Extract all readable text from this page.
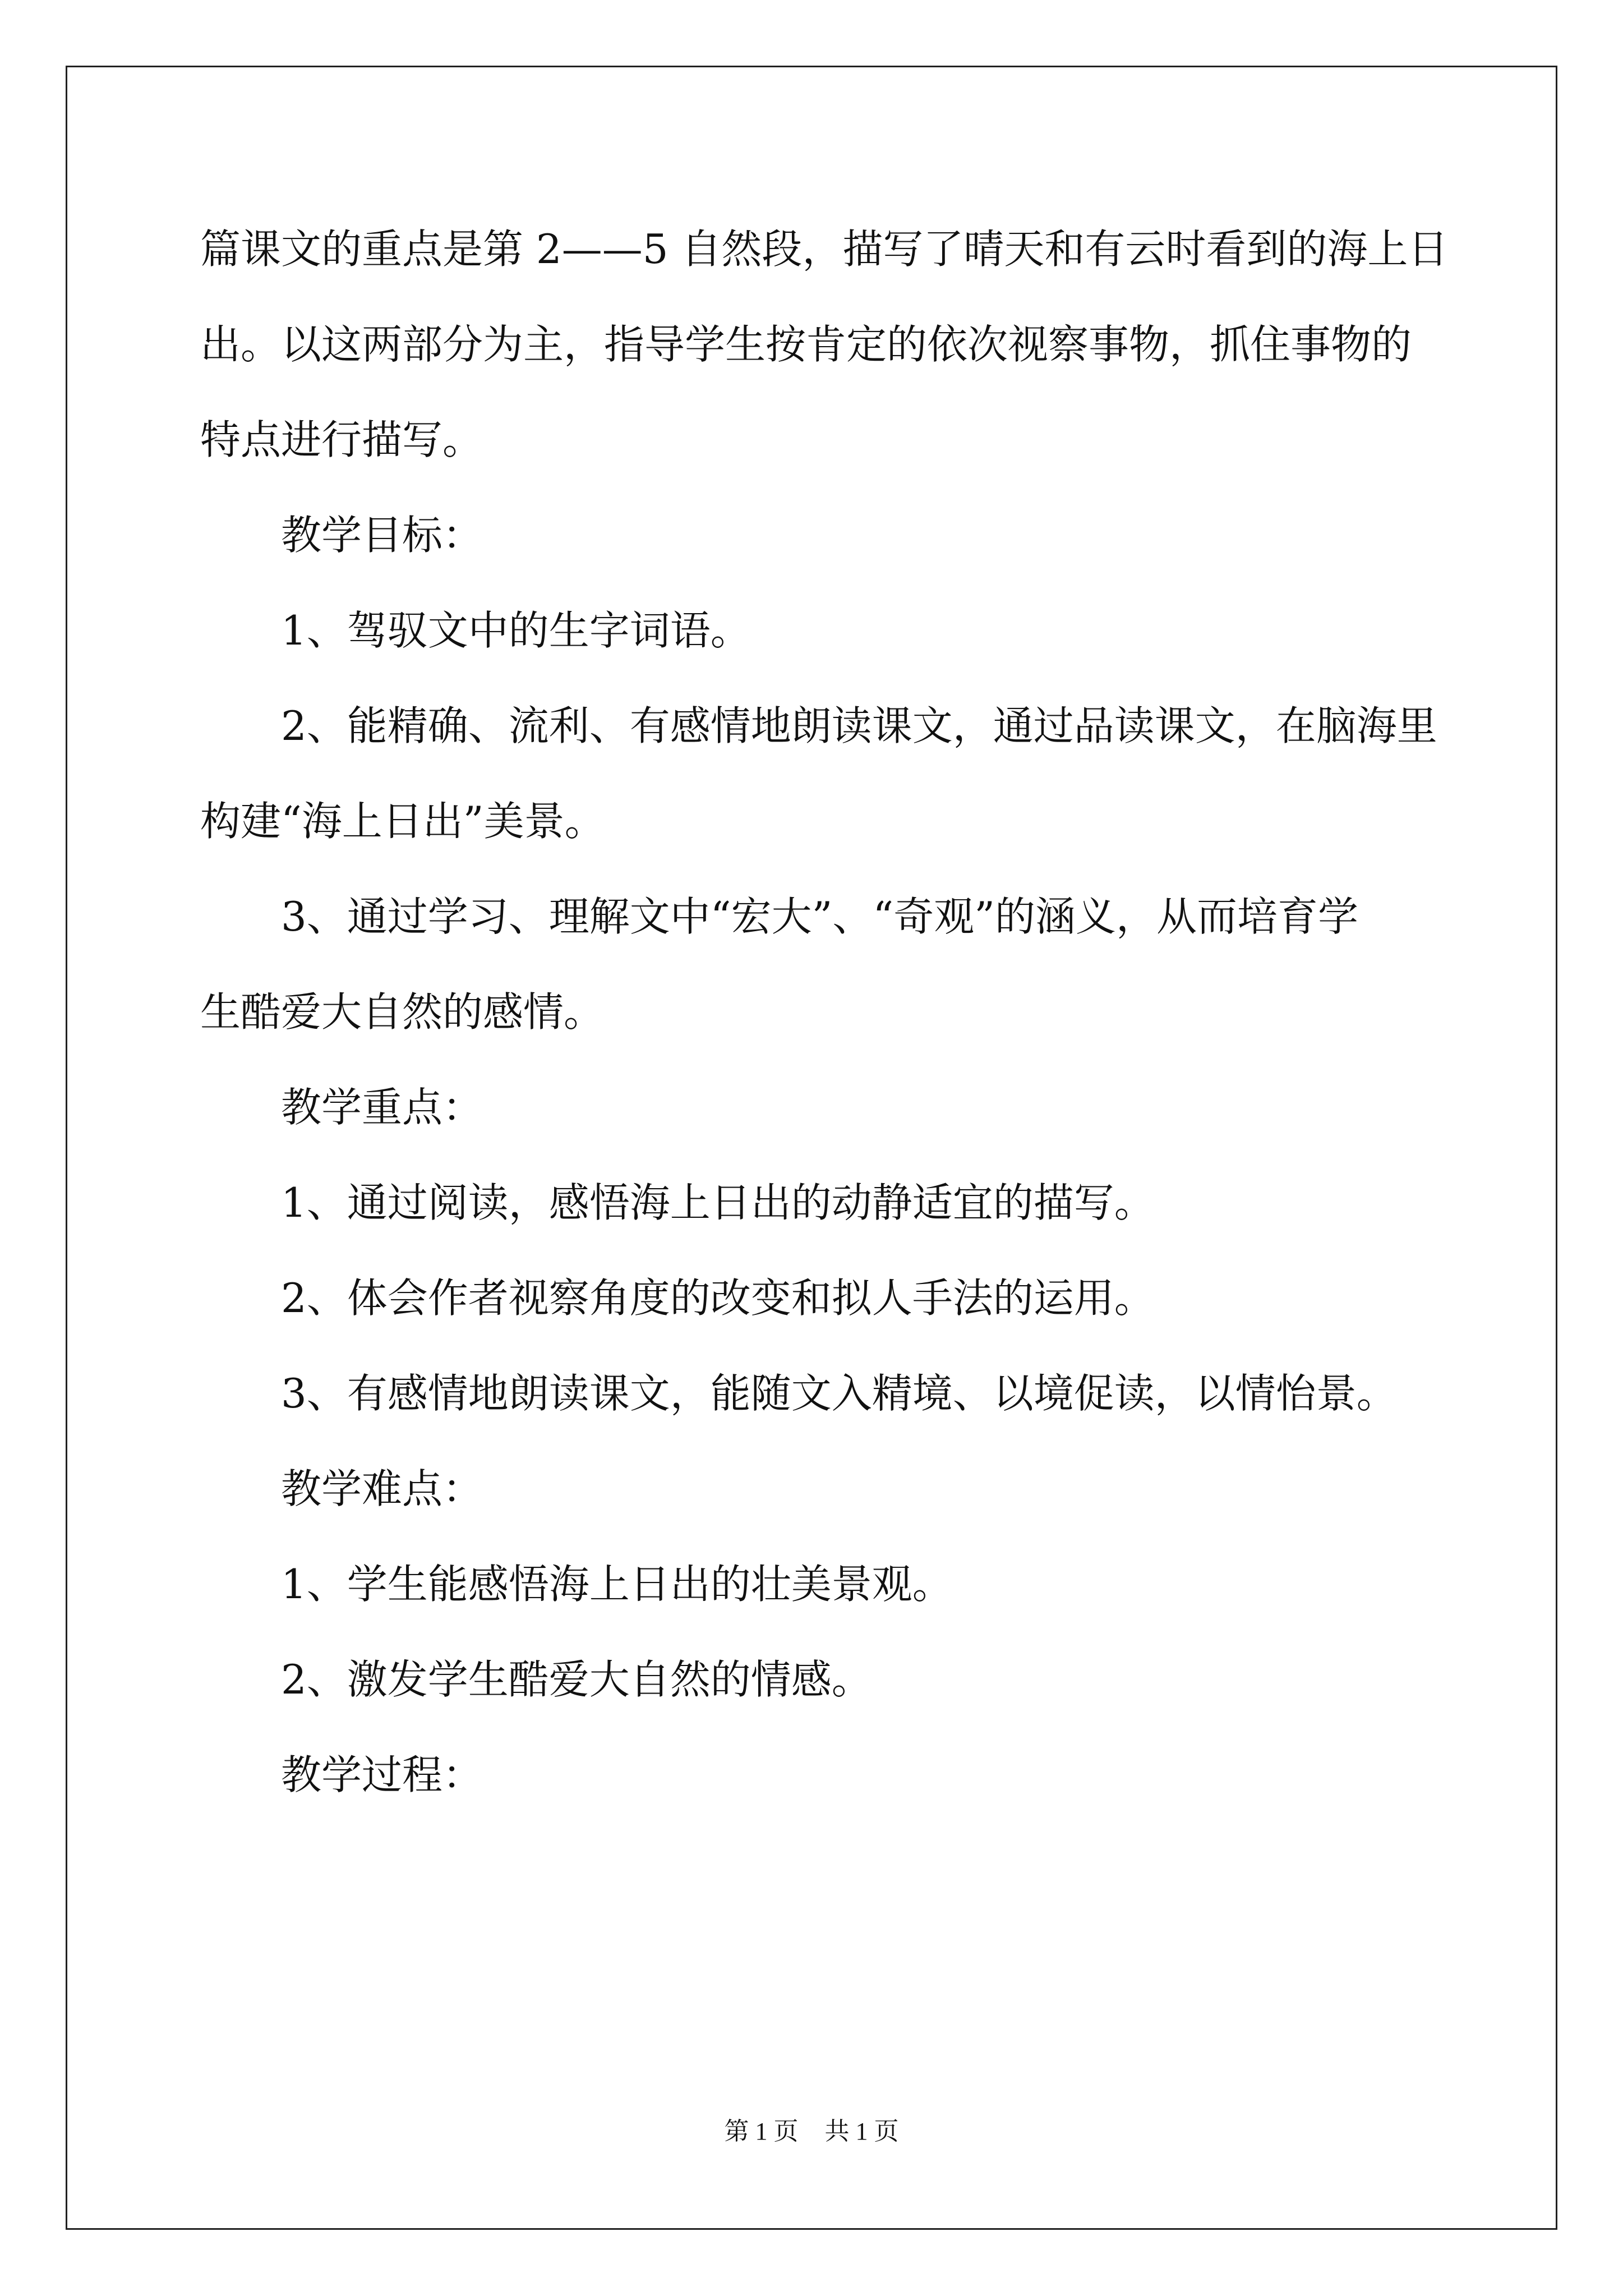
篇课文的重点是第 2——5 自然段，描写了晴天和有云时看到的海上日
出。以这两部分为主，指导学生按肯定的依次视察事物，抓住事物的
特点进行描写。
教学目标：
1、驾驭文中的生字词语。
2、能精确、流利、有感情地朗读课文，通过品读课文，在脑海里
构建“海上日出”美景。
3、通过学习、理解文中“宏大”、“奇观”的涵义，从而培育学
生酷爱大自然的感情。
教学重点：
1、通过阅读，感悟海上日出的动静适宜的描写。
2、体会作者视察角度的改变和拟人手法的运用。
3、有感情地朗读课文，能随文入精境、以境促读，以情怡景。
教学难点：
1、学生能感悟海上日出的壮美景观。
2、激发学生酷爱大自然的情感。
教学过程：
第 1 页 共 1 页
